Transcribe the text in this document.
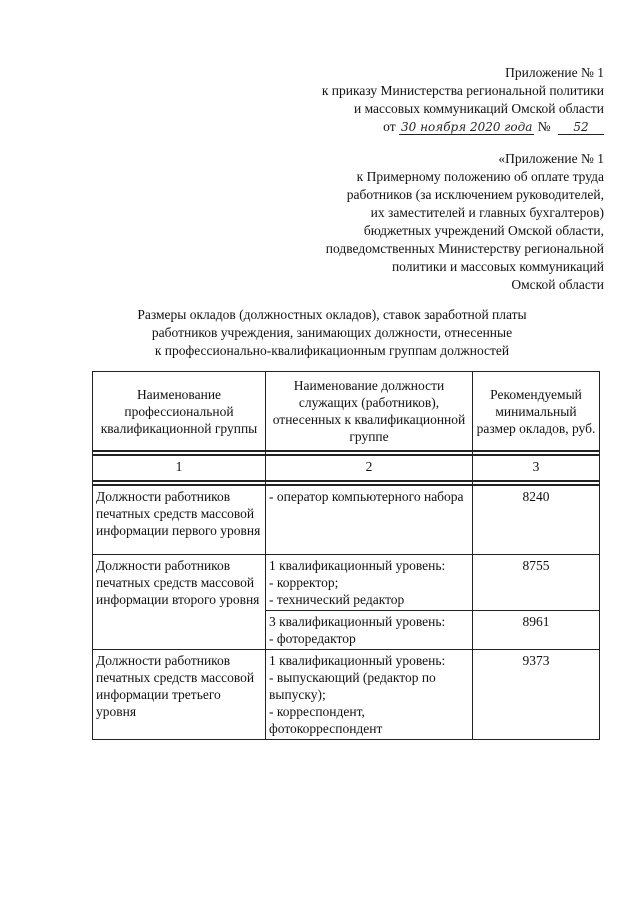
Приложение № 1
к приказу Министерства региональной политики
и массовых коммуникаций Омской области
от 30 ноября 2020 года № 52
«Приложение № 1
к Примерному положению об оплате труда
работников (за исключением руководителей,
их заместителей и главных бухгалтеров)
бюджетных учреждений Омской области,
подведомственных Министерству региональной
политики и массовых коммуникаций
Омской области
Размеры окладов (должностных окладов), ставок заработной платы
работников учреждения, занимающих должности, отнесенные
к профессионально-квалификационным группам должностей
Наименование профессиональной квалификационной группы	Наименование должности служащих (работников), отнесенных к квалификационной группе	Рекомендуемый минимальный размер окладов, руб.

1	2	3

Должности работников печатных средств массовой информации первого уровня	- оператор компьютерного набора	8240
Должности работников печатных средств массовой информации второго уровня	1 квалификационный уровень:
- корректор;
- технический редактор	8755

	3 квалификационный уровень:
- фоторедактор	8961
Должности работников печатных средств массовой информации третьего уровня	1 квалификационный уровень:
- выпускающий (редактор по выпуску);
- корреспондент, фотокорреспондент	9373
